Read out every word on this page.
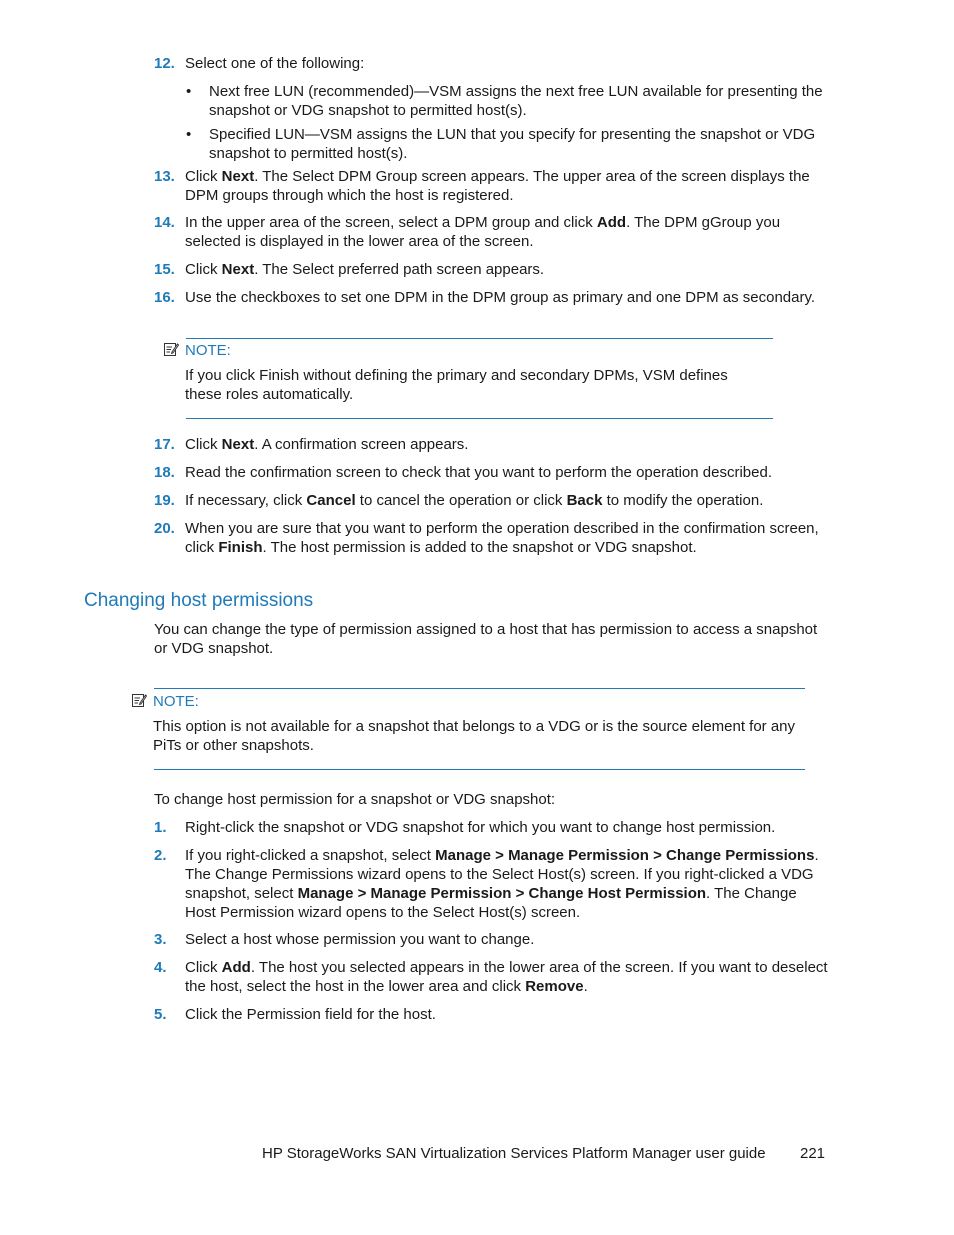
12. Select one of the following:
• Next free LUN (recommended)—VSM assigns the next free LUN available for presenting the snapshot or VDG snapshot to permitted host(s).
• Specified LUN—VSM assigns the LUN that you specify for presenting the snapshot or VDG snapshot to permitted host(s).
13. Click Next. The Select DPM Group screen appears. The upper area of the screen displays the DPM groups through which the host is registered.
14. In the upper area of the screen, select a DPM group and click Add. The DPM gGroup you selected is displayed in the lower area of the screen.
15. Click Next. The Select preferred path screen appears.
16. Use the checkboxes to set one DPM in the DPM group as primary and one DPM as secondary.
NOTE:
If you click Finish without defining the primary and secondary DPMs, VSM defines these roles automatically.
17. Click Next. A confirmation screen appears.
18. Read the confirmation screen to check that you want to perform the operation described.
19. If necessary, click Cancel to cancel the operation or click Back to modify the operation.
20. When you are sure that you want to perform the operation described in the confirmation screen, click Finish. The host permission is added to the snapshot or VDG snapshot.
Changing host permissions
You can change the type of permission assigned to a host that has permission to access a snapshot or VDG snapshot.
NOTE:
This option is not available for a snapshot that belongs to a VDG or is the source element for any PiTs or other snapshots.
To change host permission for a snapshot or VDG snapshot:
1. Right-click the snapshot or VDG snapshot for which you want to change host permission.
2. If you right-clicked a snapshot, select Manage > Manage Permission > Change Permissions. The Change Permissions wizard opens to the Select Host(s) screen. If you right-clicked a VDG snapshot, select Manage > Manage Permission > Change Host Permission. The Change Host Permission wizard opens to the Select Host(s) screen.
3. Select a host whose permission you want to change.
4. Click Add. The host you selected appears in the lower area of the screen. If you want to deselect the host, select the host in the lower area and click Remove.
5. Click the Permission field for the host.
HP StorageWorks SAN Virtualization Services Platform Manager user guide 221
